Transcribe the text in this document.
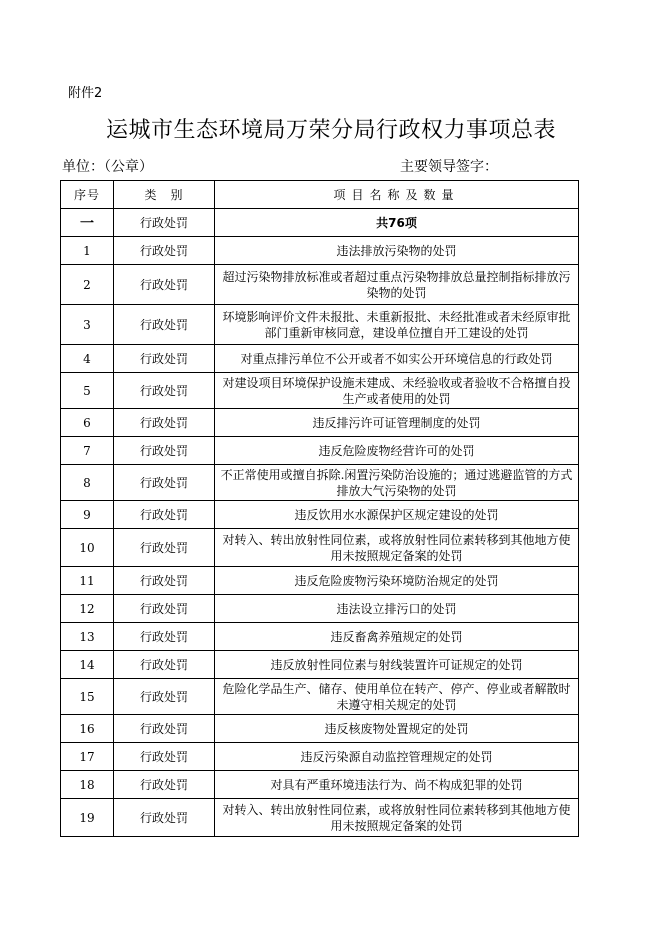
附件2
运城市生态环境局万荣分局行政权力事项总表
单位：（公章）	主要领导签字：
序号	类　别	项目名称及数量
一	行政处罚	共76项
1	行政处罚	违法排放污染物的处罚
2	行政处罚	超过污染物排放标准或者超过重点污染物排放总量控制指标排放污染物的处罚
3	行政处罚	环境影响评价文件未报批、未重新报批、未经批准或者未经原审批部门重新审核同意，建设单位擅自开工建设的处罚
4	行政处罚	对重点排污单位不公开或者不如实公开环境信息的行政处罚
5	行政处罚	对建设项目环境保护设施未建成、未经验收或者验收不合格擅自投生产或者使用的处罚
6	行政处罚	违反排污许可证管理制度的处罚
7	行政处罚	违反危险废物经营许可的处罚
8	行政处罚	不正常使用或擅自拆除.闲置污染防治设施的；通过逃避监管的方式排放大气污染物的处罚
9	行政处罚	违反饮用水水源保护区规定建设的处罚
10	行政处罚	对转入、转出放射性同位素，或将放射性同位素转移到其他地方使用未按照规定备案的处罚
11	行政处罚	违反危险废物污染环境防治规定的处罚
12	行政处罚	违法设立排污口的处罚
13	行政处罚	违反畜禽养殖规定的处罚
14	行政处罚	违反放射性同位素与射线装置许可证规定的处罚
15	行政处罚	危险化学品生产、储存、使用单位在转产、停产、停业或者解散时未遵守相关规定的处罚
16	行政处罚	违反核废物处置规定的处罚
17	行政处罚	违反污染源自动监控管理规定的处罚
18	行政处罚	对具有严重环境违法行为、尚不构成犯罪的处罚
19	行政处罚	对转入、转出放射性同位素，或将放射性同位素转移到其他地方使用未按照规定备案的处罚
